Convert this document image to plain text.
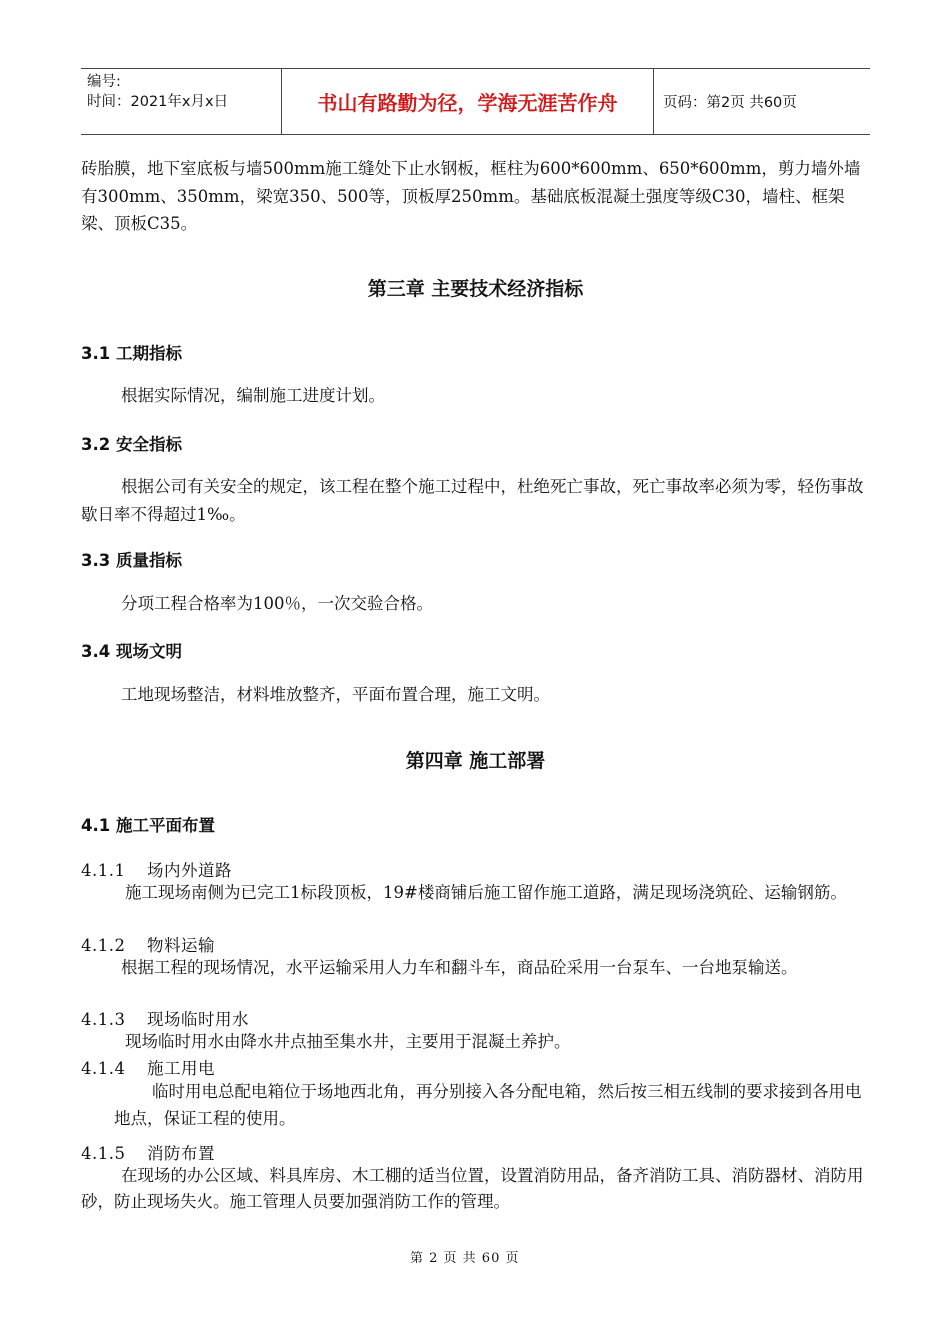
编号:
时间：2021年x月x日	书山有路勤为径，学海无涯苦作舟	页码：第2页 共60页

砖胎膜，地下室底板与墙500mm施工缝处下止水钢板，框柱为600*600mm、650*600mm，剪力墙外墙有300mm、350mm，梁宽350、500等，顶板厚250mm。基础底板混凝土强度等级C30，墙柱、框架梁、顶板C35。

第三章 主要技术经济指标
3.1 工期指标

根据实际情况，编制施工进度计划。

3.2 安全指标

根据公司有关安全的规定，该工程在整个施工过程中，杜绝死亡事故，死亡事故率必须为零，轻伤事故歇日率不得超过1‰。

3.3 质量指标

分项工程合格率为100％，一次交验合格。

3.4 现场文明

工地现场整洁，材料堆放整齐，平面布置合理，施工文明。

第四章 施工部署
4.1 施工平面布置
4.1.1 场内外道路

施工现场南侧为已完工1标段顶板，19#楼商铺后施工留作施工道路，满足现场浇筑砼、运输钢筋。

4.1.2 物料运输

根据工程的现场情况，水平运输采用人力车和翻斗车，商品砼采用一台泵车、一台地泵输送。

4.1.3 现场临时用水

现场临时用水由降水井点抽至集水井，主要用于混凝土养护。

4.1.4 施工用电

临时用电总配电箱位于场地西北角，再分别接入各分配电箱，然后按三相五线制的要求接到各用电地点，保证工程的使用。

4.1.5 消防布置

在现场的办公区域、料具库房、木工棚的适当位置，设置消防用品，备齐消防工具、消防器材、消防用砂，防止现场失火。施工管理人员要加强消防工作的管理。

第 2 页 共 60 页
